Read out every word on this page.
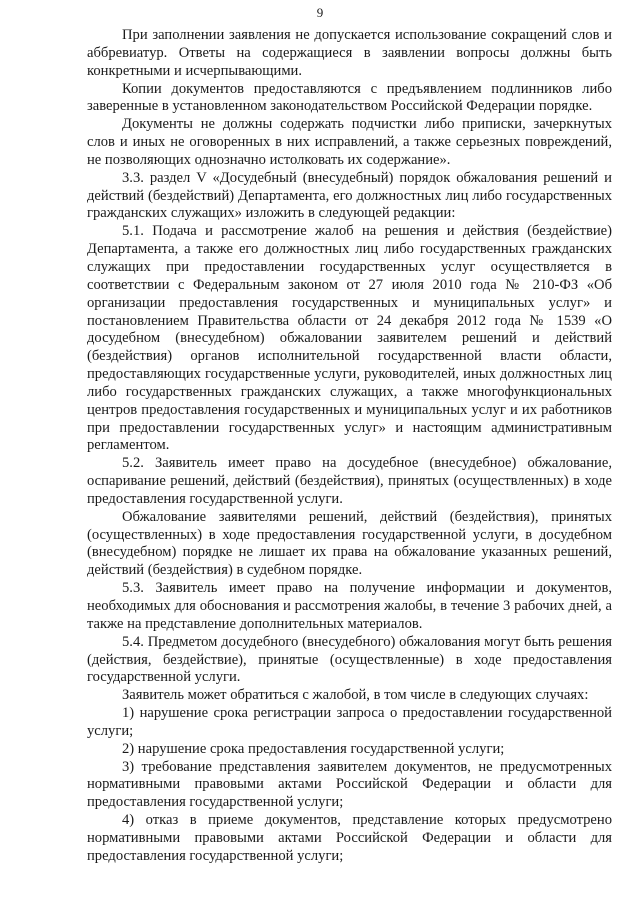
9

При заполнении заявления не допускается использование сокращений слов и аббревиатур. Ответы на содержащиеся в заявлении вопросы должны быть конкретными и исчерпывающими.

Копии документов предоставляются с предъявлением подлинников либо заверенные в установленном законодательством Российской Федерации порядке.

Документы не должны содержать подчистки либо приписки, зачеркнутых слов и иных не оговоренных в них исправлений, а также серьезных повреждений, не позволяющих однозначно истолковать их содержание».

3.3. раздел V «Досудебный (внесудебный) порядок обжалования решений и действий (бездействий) Департамента, его должностных лиц либо государственных гражданских служащих» изложить в следующей редакции:

5.1. Подача и рассмотрение жалоб на решения и действия (бездействие) Департамента, а также его должностных лиц либо государственных гражданских служащих при предоставлении государственных услуг осуществляется в соответствии с Федеральным законом от 27 июля 2010 года № 210-ФЗ «Об организации предоставления государственных и муниципальных услуг» и постановлением Правительства области от 24 декабря 2012 года № 1539 «О досудебном (внесудебном) обжаловании заявителем решений и действий (бездействия) органов исполнительной государственной власти области, предоставляющих государственные услуги, руководителей, иных должностных лиц либо государственных гражданских служащих, а также многофункциональных центров предоставления государственных и муниципальных услуг и их работников при предоставлении государственных услуг» и настоящим административным регламентом.

5.2. Заявитель имеет право на досудебное (внесудебное) обжалование, оспаривание решений, действий (бездействия), принятых (осуществленных) в ходе предоставления государственной услуги.

Обжалование заявителями решений, действий (бездействия), принятых (осуществленных) в ходе предоставления государственной услуги, в досудебном (внесудебном) порядке не лишает их права на обжалование указанных решений, действий (бездействия) в судебном порядке.

5.3. Заявитель имеет право на получение информации и документов, необходимых для обоснования и рассмотрения жалобы, в течение 3 рабочих дней, а также на представление дополнительных материалов.

5.4. Предметом досудебного (внесудебного) обжалования могут быть решения (действия, бездействие), принятые (осуществленные) в ходе предоставления государственной услуги.

Заявитель может обратиться с жалобой, в том числе в следующих случаях:

1) нарушение срока регистрации запроса о предоставлении государственной услуги;

2) нарушение срока предоставления государственной услуги;

3) требование представления заявителем документов, не предусмотренных нормативными правовыми актами Российской Федерации и области для предоставления государственной услуги;

4) отказ в приеме документов, представление которых предусмотрено нормативными правовыми актами Российской Федерации и области для предоставления государственной услуги;
